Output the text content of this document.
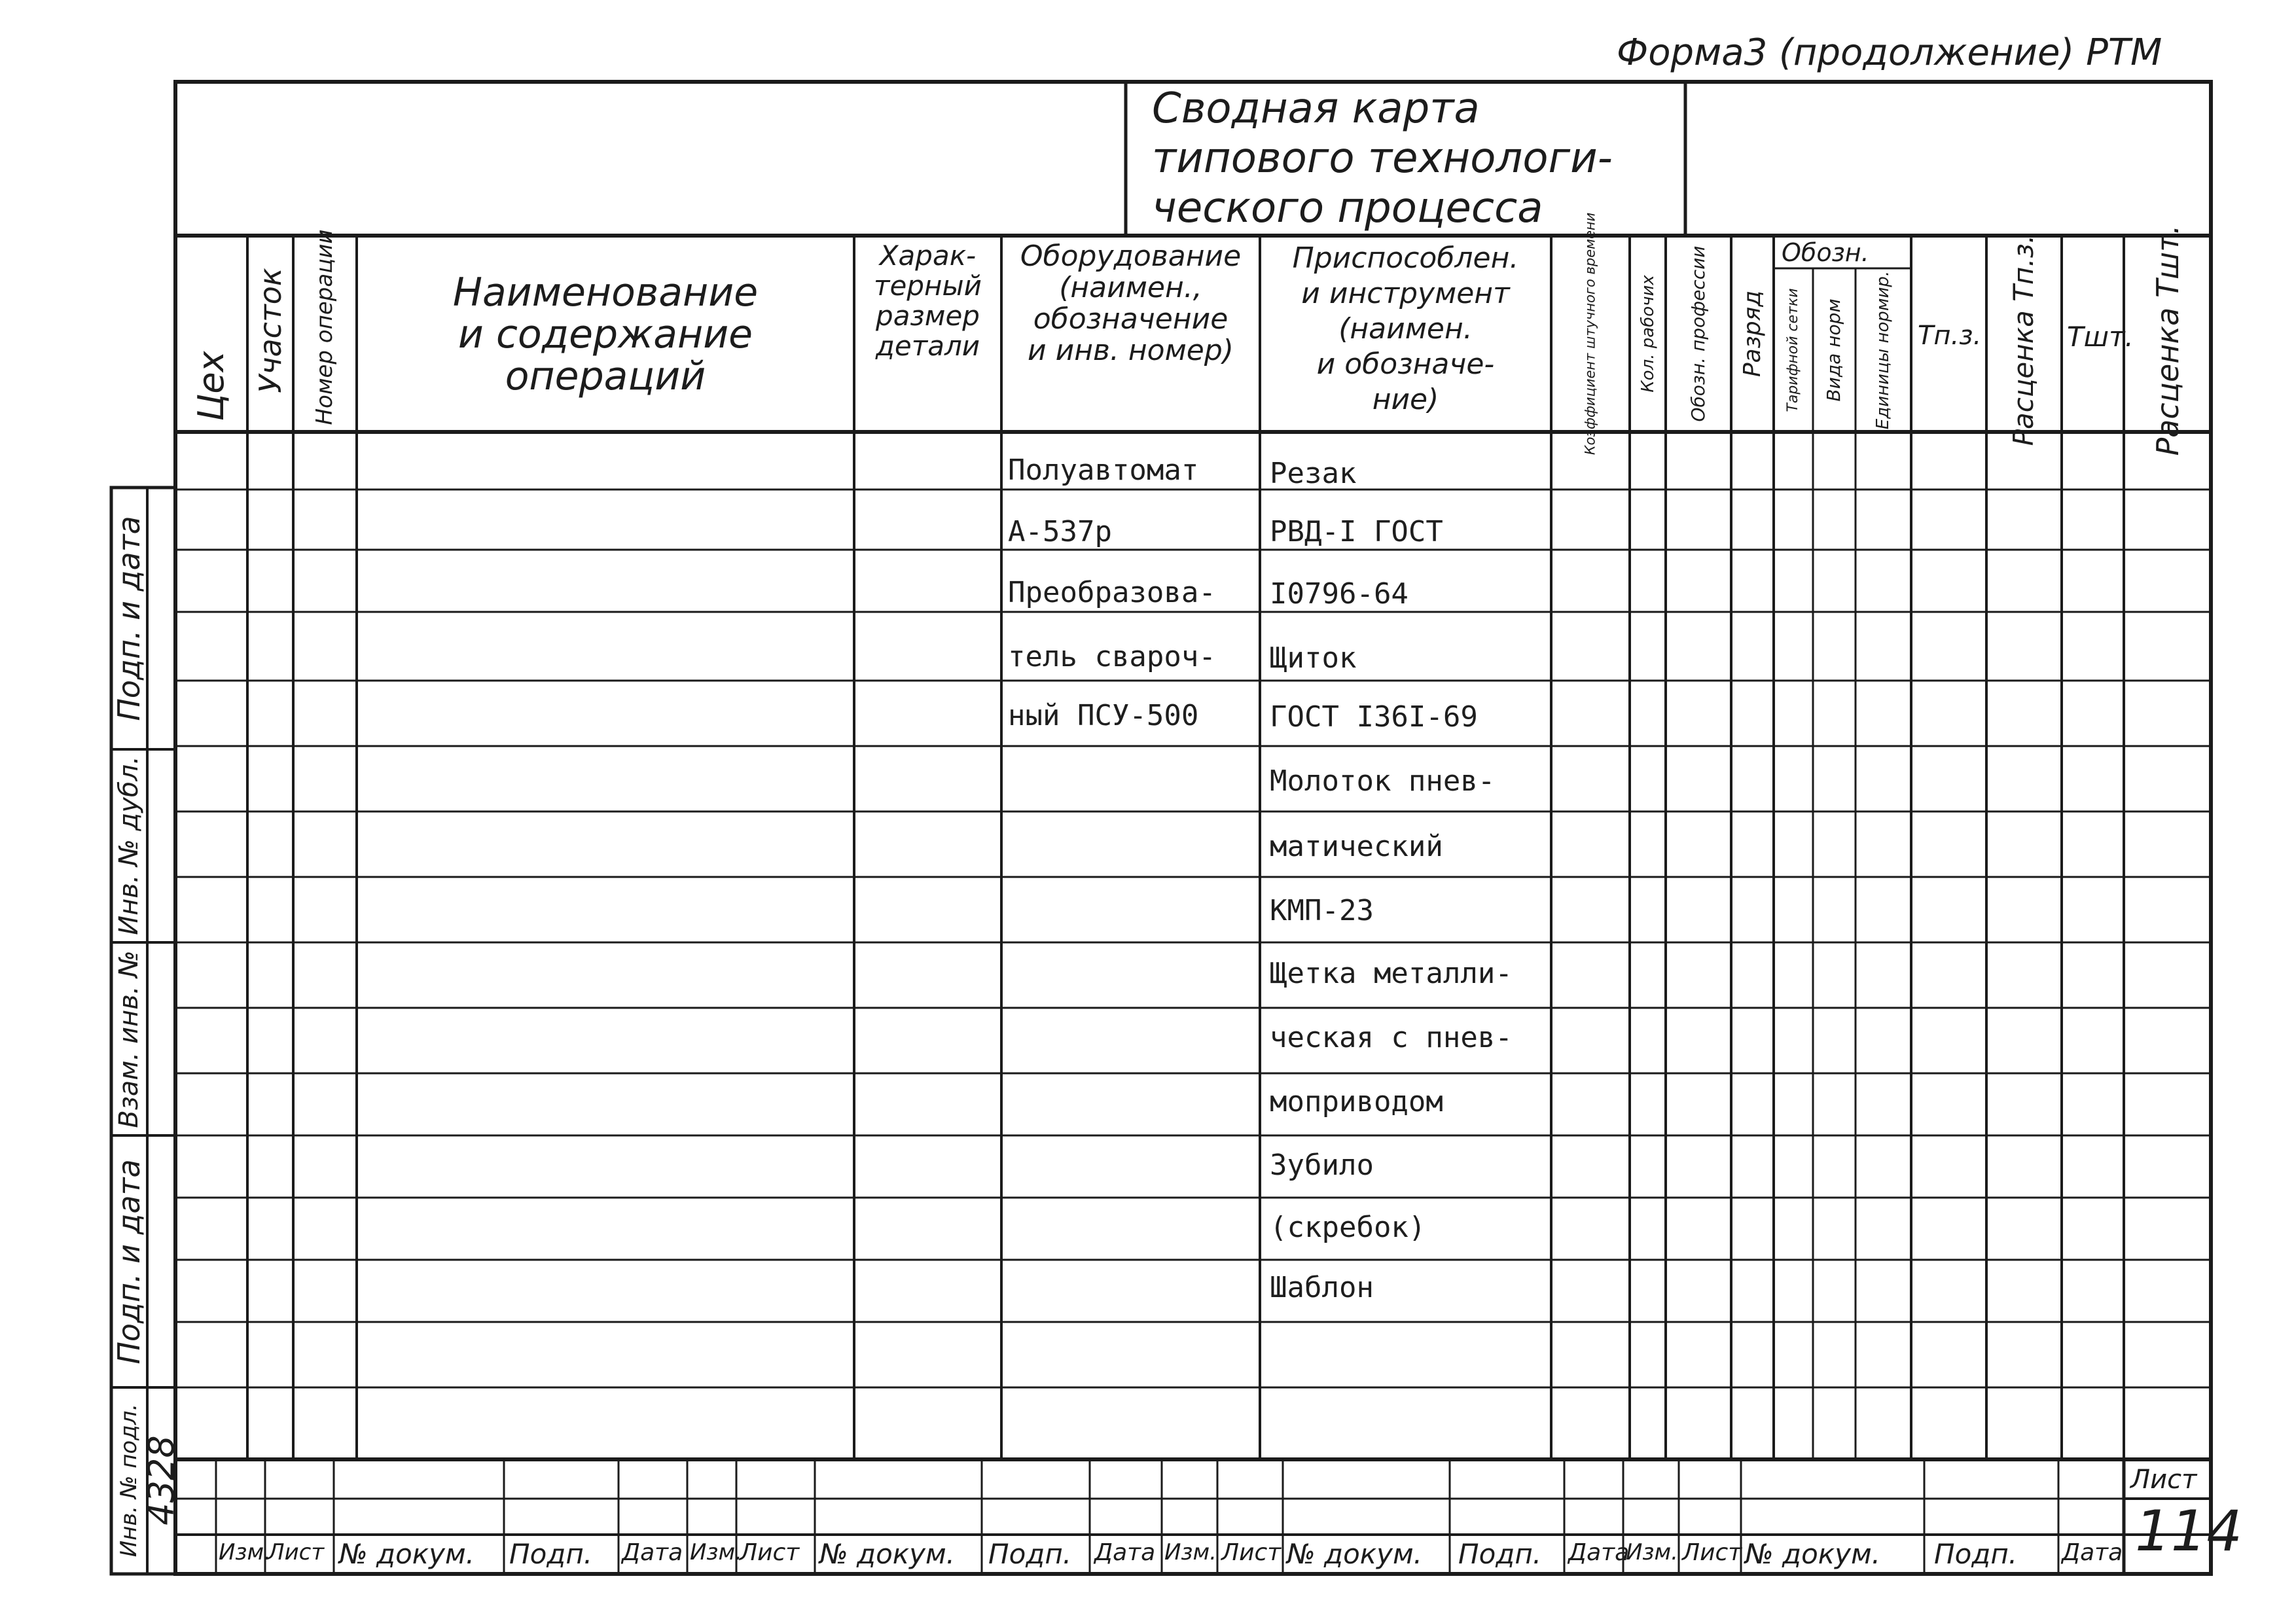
Форма3 (продолжение) РТМ
Сводная карта
типового технологи-
ческого процесса
Цех Участок Номер операции	Наименование
и содержание
операций
Харак-
терный
размер
детали
Оборудование
(наимен.,
обозначение
и инв. номер)
Приспособлен.
и инструмент
(наимен.
и обозначе-
ние)	Коэффициент штучного времени Кол. рабочих Обозн. профессии Разряд
Обозн.
Тарифной сетки Вида норм Единицы нормир. Тп.з. Расценка Тп.з. Тшт. Расценка Тшт.
Полуавтомат
А-537р
Преобразова-
тель свароч-
ный ПСУ-500
Резак
РВД-I ГОСТ
I0796-64
Щиток
ГОСТ I36I-69
Молоток пнев-
матический
КМП-23
Щетка металли-
ческая с пнев-
моприводом
Зубило
(скребок)
Шаблон
Подп. и дата
Инв. № дубл.
Взам. инв. №
Подп. и дата
Инв. № подл.
4328
Изм.
Лист № докум. Подп. Дата Изм.
Лист № докум. Подп. Дата Изм. Лист № докум. Подп. Дата
Изм. Лист № докум. Подп. Дата
Лист
114
